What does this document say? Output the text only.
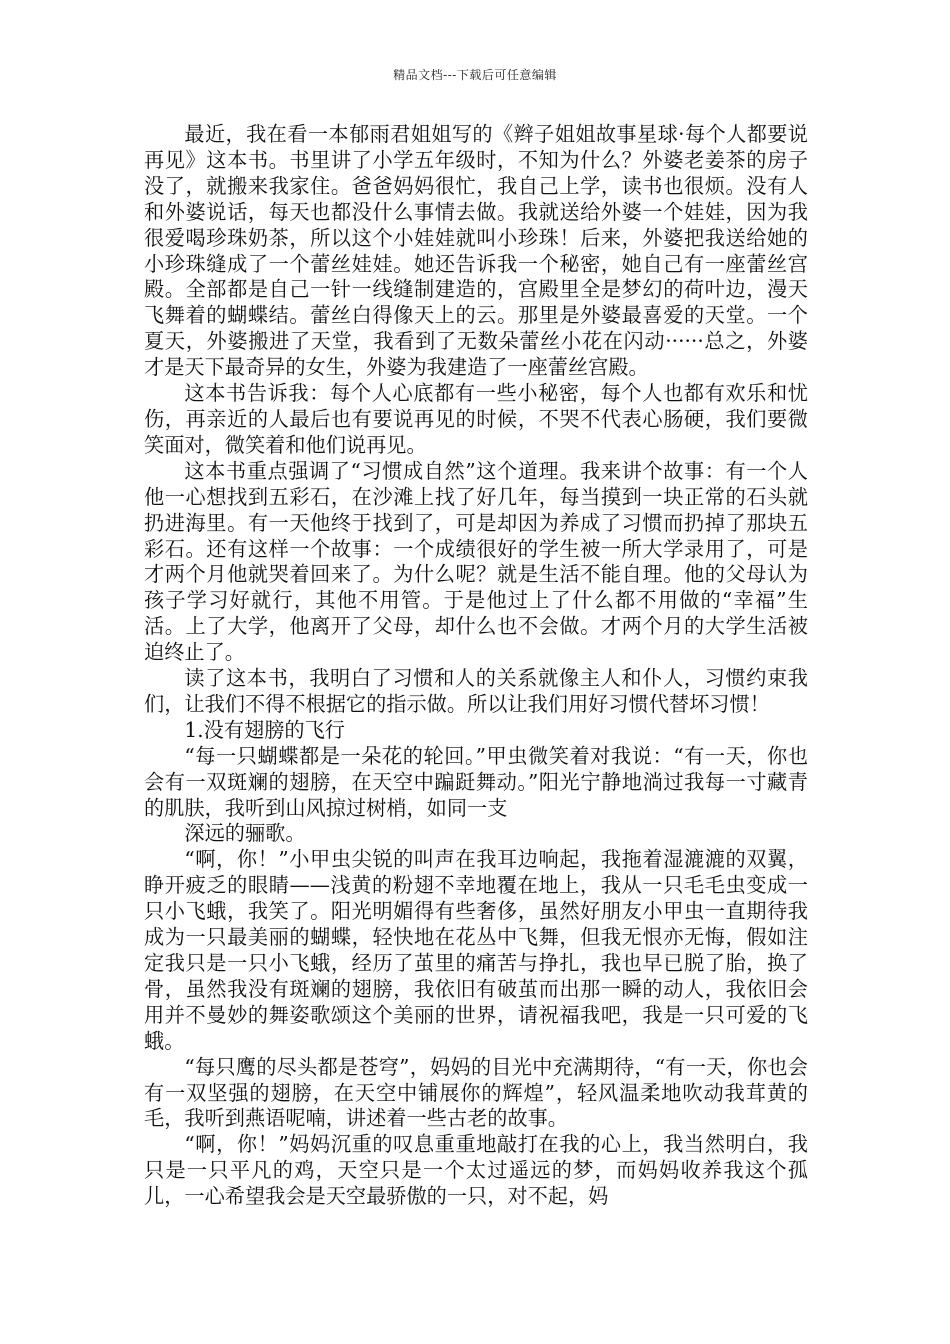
精品文档---下载后可任意编辑

最近，我在看一本郁雨君姐姐写的《辫子姐姐故事星球·每个人都要说再见》这本书。书里讲了小学五年级时，不知为什么？外婆老姜茶的房子没了，就搬来我家住。爸爸妈妈很忙，我自己上学，读书也很烦。没有人和外婆说话，每天也都没什么事情去做。我就送给外婆一个娃娃，因为我很爱喝珍珠奶茶，所以这个小娃娃就叫小珍珠！后来，外婆把我送给她的小珍珠缝成了一个蕾丝娃娃。她还告诉我一个秘密，她自己有一座蕾丝宫殿。全部都是自己一针一线缝制建造的，宫殿里全是梦幻的荷叶边，漫天飞舞着的蝴蝶结。蕾丝白得像天上的云。那里是外婆最喜爱的天堂。一个夏天，外婆搬进了天堂，我看到了无数朵蕾丝小花在闪动······总之，外婆才是天下最奇异的女生，外婆为我建造了一座蕾丝宫殿。

这本书告诉我：每个人心底都有一些小秘密，每个人也都有欢乐和忧伤，再亲近的人最后也有要说再见的时候，不哭不代表心肠硬，我们要微笑面对，微笑着和他们说再见。

这本书重点强调了“习惯成自然”这个道理。我来讲个故事：有一个人他一心想找到五彩石，在沙滩上找了好几年，每当摸到一块正常的石头就扔进海里。有一天他终于找到了，可是却因为养成了习惯而扔掉了那块五彩石。还有这样一个故事：一个成绩很好的学生被一所大学录用了，可是才两个月他就哭着回来了。为什么呢？就是生活不能自理。他的父母认为孩子学习好就行，其他不用管。于是他过上了什么都不用做的“幸福”生活。上了大学，他离开了父母，却什么也不会做。才两个月的大学生活被迫终止了。

读了这本书，我明白了习惯和人的关系就像主人和仆人，习惯约束我们，让我们不得不根据它的指示做。所以让我们用好习惯代替坏习惯！

1.没有翅膀的飞行

“每一只蝴蝶都是一朵花的轮回。”甲虫微笑着对我说：“有一天，你也会有一双斑斓的翅膀，在天空中蹁跹舞动。”阳光宁静地淌过我每一寸藏青的肌肤，我听到山风掠过树梢，如同一支

深远的骊歌。

“啊，你！”小甲虫尖锐的叫声在我耳边响起，我拖着湿漉漉的双翼，睁开疲乏的眼睛——浅黄的粉翅不幸地覆在地上，我从一只毛毛虫变成一只小飞蛾，我笑了。阳光明媚得有些奢侈，虽然好朋友小甲虫一直期待我成为一只最美丽的蝴蝶，轻快地在花丛中飞舞，但我无恨亦无悔，假如注定我只是一只小飞蛾，经历了茧里的痛苦与挣扎，我也早已脱了胎，换了骨，虽然我没有斑斓的翅膀，我依旧有破茧而出那一瞬的动人，我依旧会用并不曼妙的舞姿歌颂这个美丽的世界，请祝福我吧，我是一只可爱的飞蛾。

“每只鹰的尽头都是苍穹”，妈妈的目光中充满期待，“有一天，你也会有一双坚强的翅膀，在天空中铺展你的辉煌”，轻风温柔地吹动我茸黄的毛，我听到燕语呢喃，讲述着一些古老的故事。

“啊，你！”妈妈沉重的叹息重重地敲打在我的心上，我当然明白，我只是一只平凡的鸡，天空只是一个太过遥远的梦，而妈妈收养我这个孤儿，一心希望我会是天空最骄傲的一只，对不起，妈
